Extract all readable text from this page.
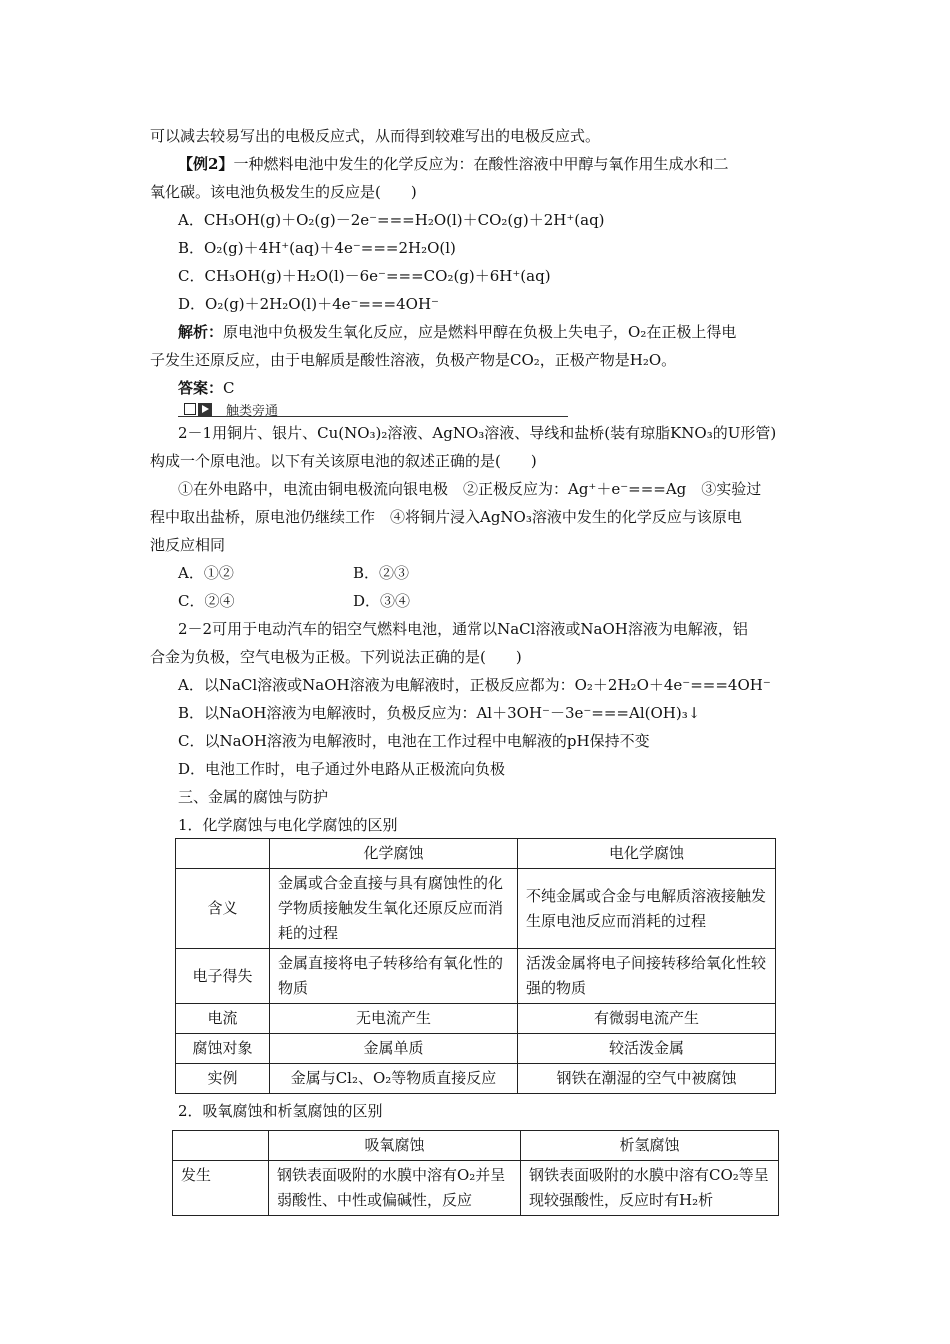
可以减去较易写出的电极反应式，从而得到较难写出的电极反应式。
【例2】一种燃料电池中发生的化学反应为：在酸性溶液中甲醇与氧作用生成水和二
氧化碳。该电池负极发生的反应是(　　)
A．CH₃OH(g)＋O₂(g)－2e⁻===H₂O(l)＋CO₂(g)＋2H⁺(aq)
B．O₂(g)＋4H⁺(aq)＋4e⁻===2H₂O(l)
C．CH₃OH(g)＋H₂O(l)－6e⁻===CO₂(g)＋6H⁺(aq)
D．O₂(g)＋2H₂O(l)＋4e⁻===4OH⁻
解析：原电池中负极发生氧化反应，应是燃料甲醇在负极上失电子，O₂在正极上得电
子发生还原反应，由于电解质是酸性溶液，负极产物是CO₂，正极产物是H₂O。
答案：C
触类旁通
2－1用铜片、银片、Cu(NO₃)₂溶液、AgNO₃溶液、导线和盐桥(装有琼脂KNO₃的U形管)
构成一个原电池。以下有关该原电池的叙述正确的是(　　)
①在外电路中，电流由铜电极流向银电极　②正极反应为：Ag⁺＋e⁻===Ag　③实验过
程中取出盐桥，原电池仍继续工作　④将铜片浸入AgNO₃溶液中发生的化学反应与该原电
池反应相同
A．①②	B．②③
C．②④	D．③④
2－2可用于电动汽车的铝空气燃料电池，通常以NaCl溶液或NaOH溶液为电解液，铝
合金为负极，空气电极为正极。下列说法正确的是(　　)
A．以NaCl溶液或NaOH溶液为电解液时，正极反应都为：O₂＋2H₂O＋4e⁻===4OH⁻
B．以NaOH溶液为电解液时，负极反应为：Al＋3OH⁻－3e⁻===Al(OH)₃↓
C．以NaOH溶液为电解液时，电池在工作过程中电解液的pH保持不变
D．电池工作时，电子通过外电路从正极流向负极
三、金属的腐蚀与防护
1．化学腐蚀与电化学腐蚀的区别
	化学腐蚀	电化学腐蚀
含义	金属或合金直接与具有腐蚀性的化学物质接触发生氧化还原反应而消耗的过程	不纯金属或合金与电解质溶液接触发生原电池反应而消耗的过程
电子得失	金属直接将电子转移给有氧化性的物质	活泼金属将电子间接转移给氧化性较强的物质
电流	无电流产生	有微弱电流产生
腐蚀对象	金属单质	较活泼金属
实例	金属与Cl₂、O₂等物质直接反应	钢铁在潮湿的空气中被腐蚀
2．吸氧腐蚀和析氢腐蚀的区别
	吸氧腐蚀	析氢腐蚀
发生	钢铁表面吸附的水膜中溶有O₂并呈弱酸性、中性或偏碱性，反应	钢铁表面吸附的水膜中溶有CO₂等呈现较强酸性，反应时有H₂析
